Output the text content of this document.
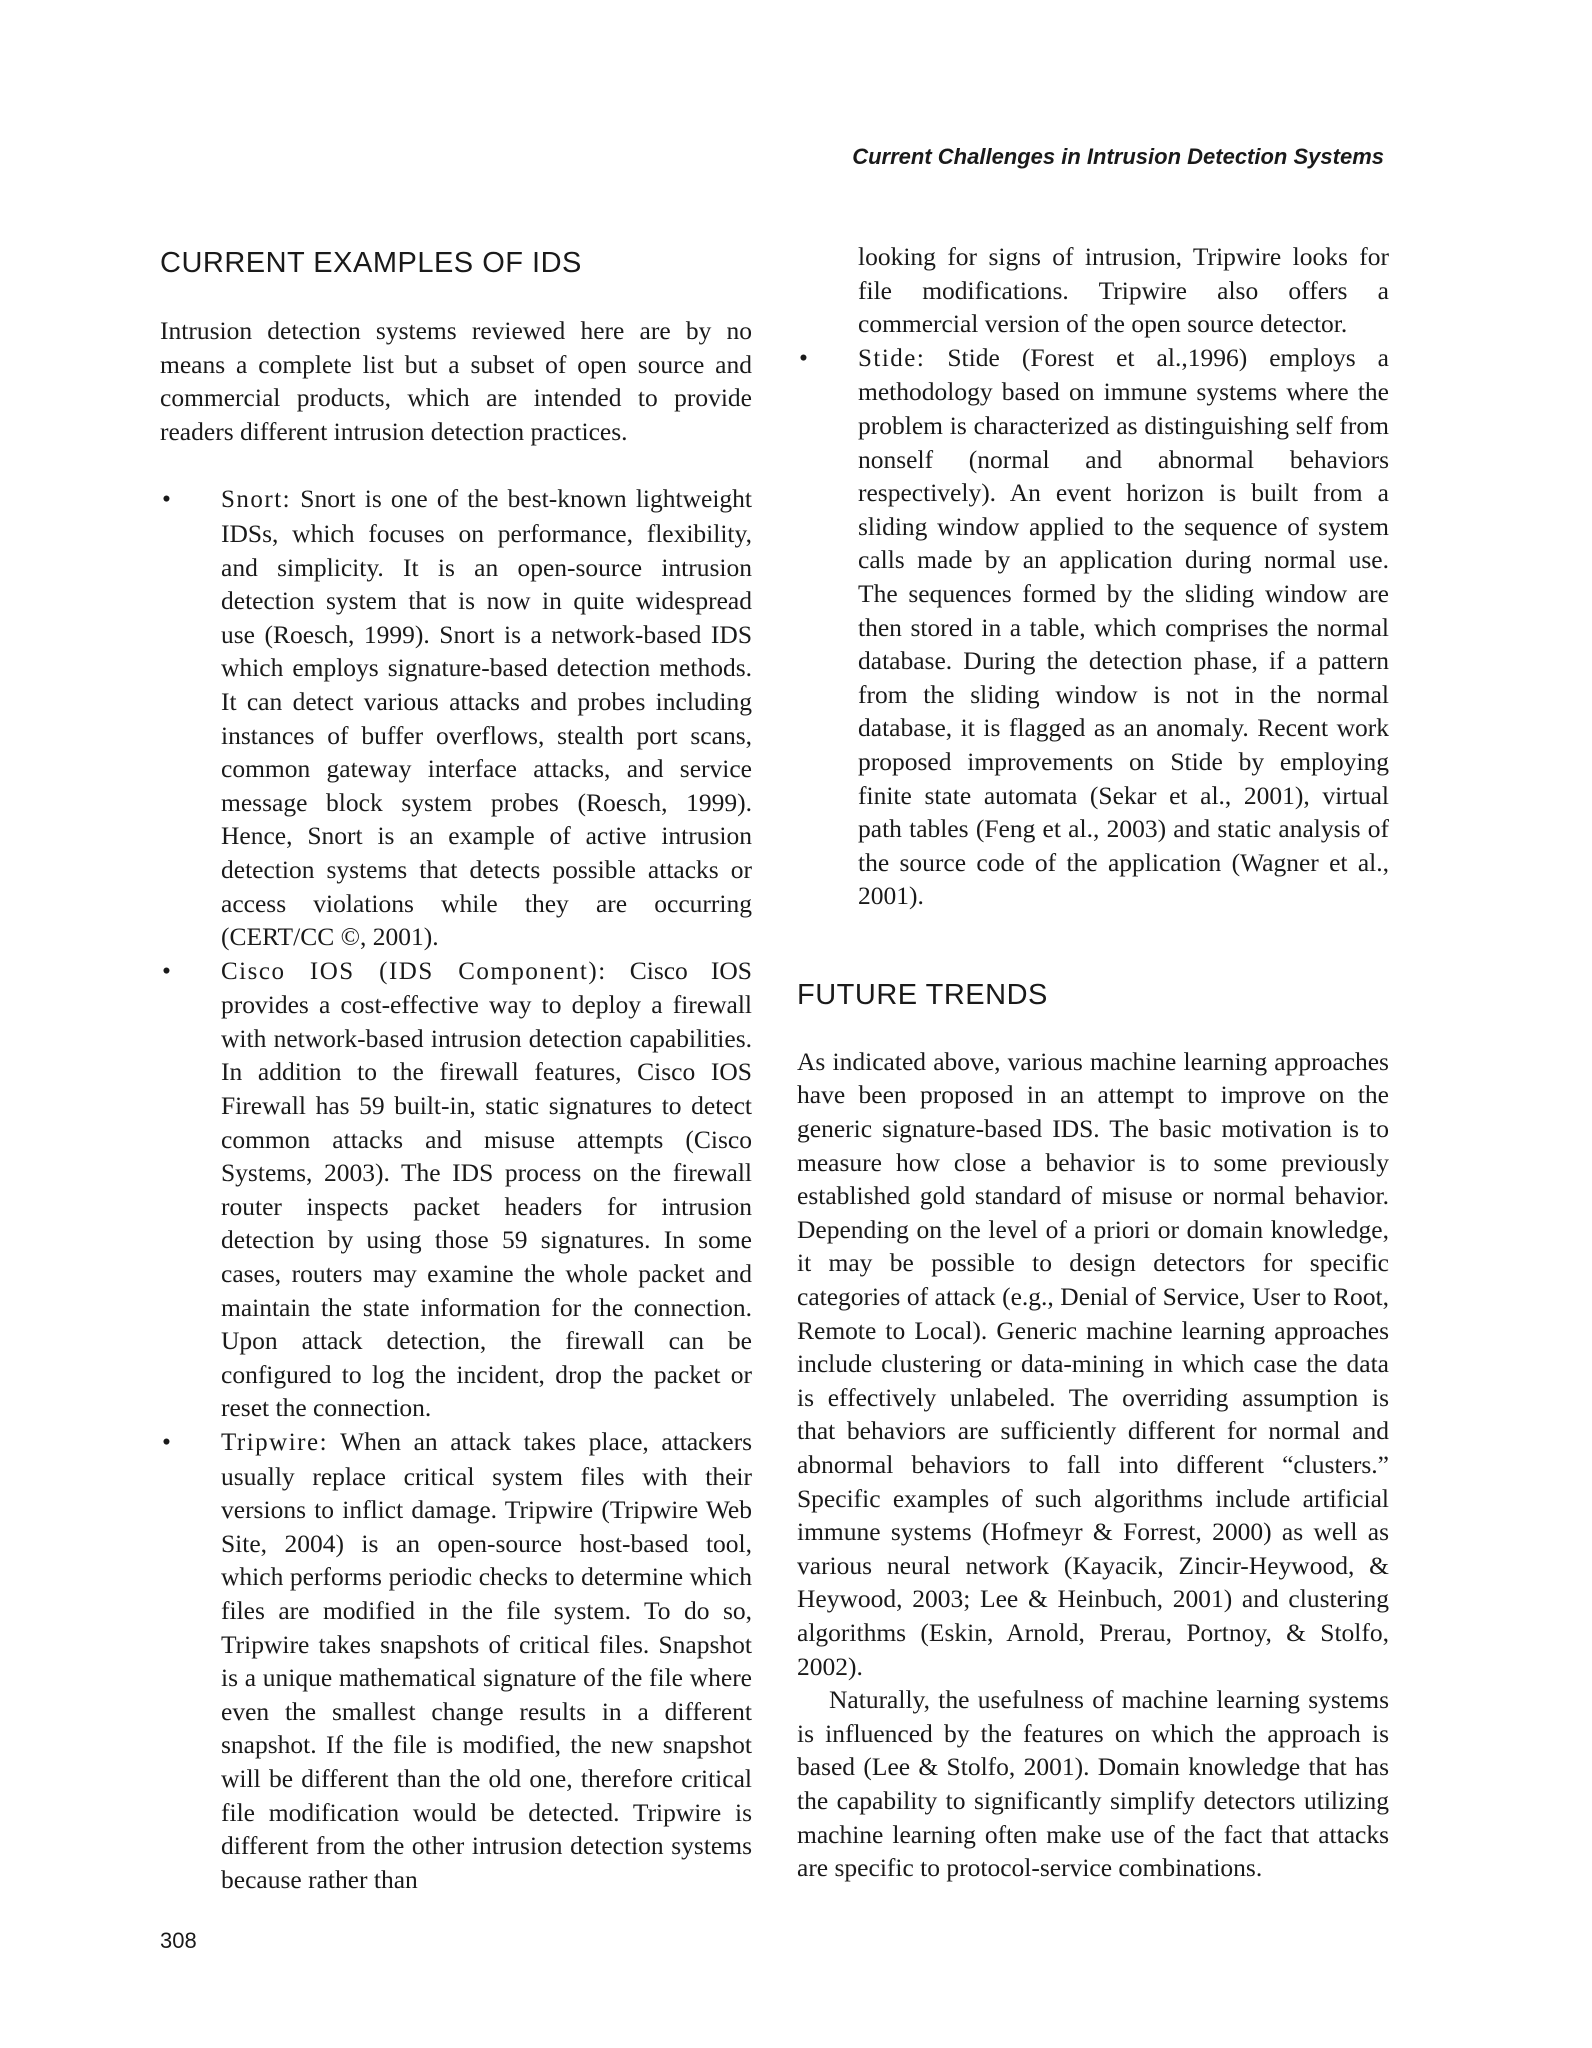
Current Challenges in Intrusion Detection Systems

CURRENT EXAMPLES OF IDS

Intrusion detection systems reviewed here are by no means a complete list but a subset of open source and commercial products, which are intended to provide readers different intrusion detection practices.

• Snort: Snort is one of the best-known lightweight IDSs, which focuses on performance, flexibility, and simplicity. It is an open-source intrusion detection system that is now in quite widespread use (Roesch, 1999). Snort is a network-based IDS which employs signature-based detection methods. It can detect various attacks and probes including instances of buffer overflows, stealth port scans, common gateway interface attacks, and service message block system probes (Roesch, 1999). Hence, Snort is an example of active intrusion detection systems that detects possible attacks or access violations while they are occurring (CERT/CC ©, 2001).
• Cisco IOS (IDS Component): Cisco IOS provides a cost-effective way to deploy a firewall with network-based intrusion detection capabilities. In addition to the firewall features, Cisco IOS Firewall has 59 built-in, static signatures to detect common attacks and misuse attempts (Cisco Systems, 2003). The IDS process on the firewall router inspects packet headers for intrusion detection by using those 59 signatures. In some cases, routers may examine the whole packet and maintain the state information for the connection. Upon attack detection, the firewall can be configured to log the incident, drop the packet or reset the connection.
• Tripwire: When an attack takes place, attackers usually replace critical system files with their versions to inflict damage. Tripwire (Tripwire Web Site, 2004) is an open-source host-based tool, which performs periodic checks to determine which files are modified in the file system. To do so, Tripwire takes snapshots of critical files. Snapshot is a unique mathematical signature of the file where even the smallest change results in a different snapshot. If the file is modified, the new snapshot will be different than the old one, therefore critical file modification would be detected. Tripwire is different from the other intrusion detection systems because rather than

looking for signs of intrusion, Tripwire looks for file modifications. Tripwire also offers a commercial version of the open source detector.

• Stide: Stide (Forest et al.,1996) employs a methodology based on immune systems where the problem is characterized as distinguishing self from nonself (normal and abnormal behaviors respectively). An event horizon is built from a sliding window applied to the sequence of system calls made by an application during normal use. The sequences formed by the sliding window are then stored in a table, which comprises the normal database. During the detection phase, if a pattern from the sliding window is not in the normal database, it is flagged as an anomaly. Recent work proposed improvements on Stide by employing finite state automata (Sekar et al., 2001), virtual path tables (Feng et al., 2003) and static analysis of the source code of the application (Wagner et al., 2001).
FUTURE TRENDS

As indicated above, various machine learning approaches have been proposed in an attempt to improve on the generic signature-based IDS. The basic motivation is to measure how close a behavior is to some previously established gold standard of misuse or normal behavior. Depending on the level of a priori or domain knowledge, it may be possible to design detectors for specific categories of attack (e.g., Denial of Service, User to Root, Remote to Local). Generic machine learning approaches include clustering or data-mining in which case the data is effectively unlabeled. The overriding assumption is that behaviors are sufficiently different for normal and abnormal behaviors to fall into different “clusters.” Specific examples of such algorithms include artificial immune systems (Hofmeyr & Forrest, 2000) as well as various neural network (Kayacik, Zincir-Heywood, & Heywood, 2003; Lee & Heinbuch, 2001) and clustering algorithms (Eskin, Arnold, Prerau, Portnoy, & Stolfo, 2002).

Naturally, the usefulness of machine learning systems is influenced by the features on which the approach is based (Lee & Stolfo, 2001). Domain knowledge that has the capability to significantly simplify detectors utilizing machine learning often make use of the fact that attacks are specific to protocol-service combinations.

308
